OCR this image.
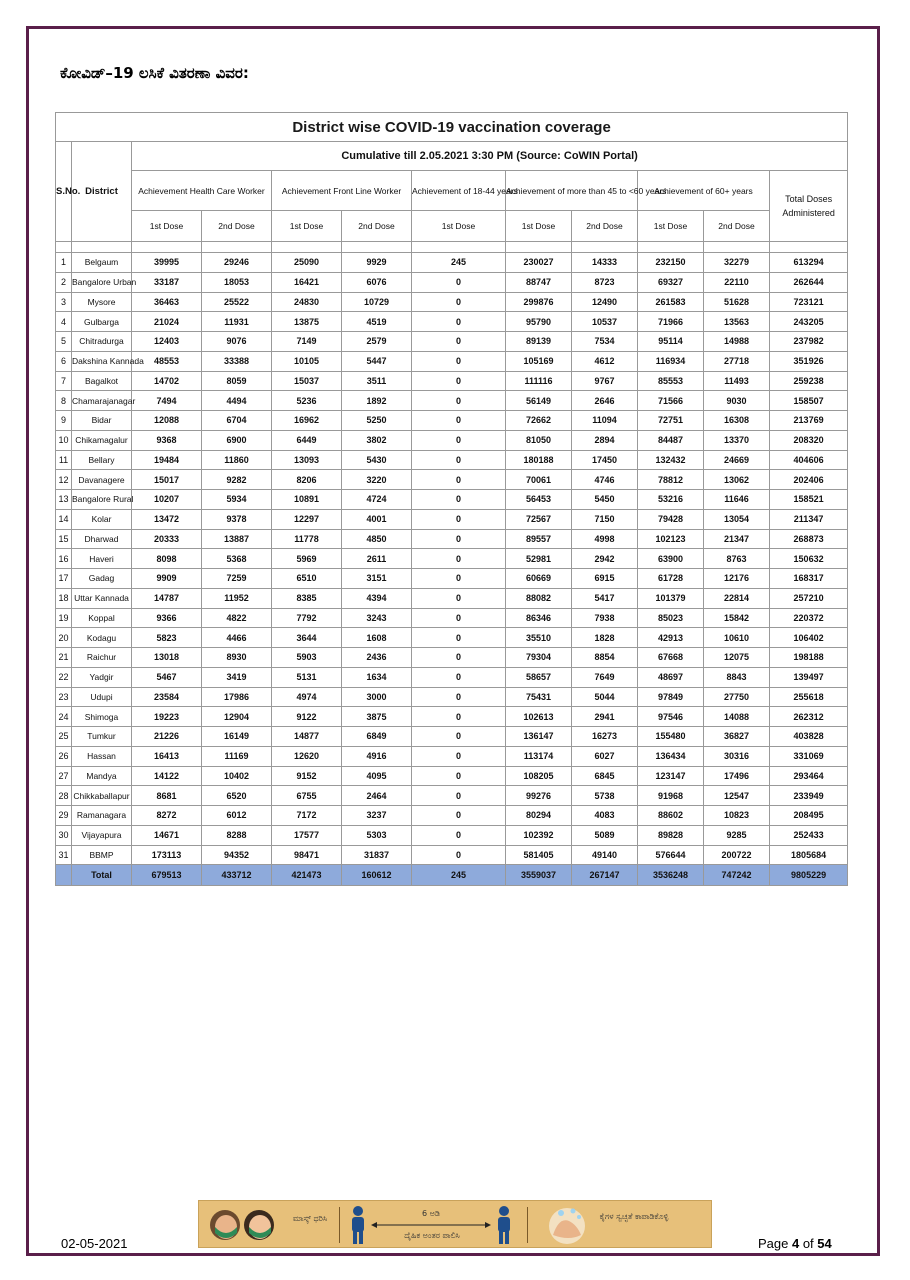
ಕೋವಿಡ್–19 ಲಸಿಕೆ ವಿತರಣಾ ವಿವರ:
District wise COVID-19 vaccination coverage											
S.No.	District	Cumulative till 2.05.2021 3:30 PM (Source: CoWIN Portal)									
		Achievement Health Care Worker		Achievement Front Line Worker		Achievement of 18-44 years	Achievement of more than 45 to <60 years		Achievement of 60+ years		Total Doses
Administered

		1st Dose	2nd Dose	1st Dose	2nd Dose	1st Dose	1st Dose	2nd Dose	1st Dose	2nd Dose	

1	Belgaum	39995	29246	25090	9929	245	230027	14333	232150	32279	613294
2	Bangalore Urban	33187	18053	16421	6076	0	88747	8723	69327	22110	262644
3	Mysore	36463	25522	24830	10729	0	299876	12490	261583	51628	723121
4	Gulbarga	21024	11931	13875	4519	0	95790	10537	71966	13563	243205
5	Chitradurga	12403	9076	7149	2579	0	89139	7534	95114	14988	237982
6	Dakshina Kannada	48553	33388	10105	5447	0	105169	4612	116934	27718	351926
7	Bagalkot	14702	8059	15037	3511	0	111116	9767	85553	11493	259238
8	Chamarajanagar	7494	4494	5236	1892	0	56149	2646	71566	9030	158507
9	Bidar	12088	6704	16962	5250	0	72662	11094	72751	16308	213769
10	Chikamagalur	9368	6900	6449	3802	0	81050	2894	84487	13370	208320
11	Bellary	19484	11860	13093	5430	0	180188	17450	132432	24669	404606
12	Davanagere	15017	9282	8206	3220	0	70061	4746	78812	13062	202406
13	Bangalore Rural	10207	5934	10891	4724	0	56453	5450	53216	11646	158521
14	Kolar	13472	9378	12297	4001	0	72567	7150	79428	13054	211347
15	Dharwad	20333	13887	11778	4850	0	89557	4998	102123	21347	268873
16	Haveri	8098	5368	5969	2611	0	52981	2942	63900	8763	150632
17	Gadag	9909	7259	6510	3151	0	60669	6915	61728	12176	168317
18	Uttar Kannada	14787	11952	8385	4394	0	88082	5417	101379	22814	257210
19	Koppal	9366	4822	7792	3243	0	86346	7938	85023	15842	220372
20	Kodagu	5823	4466	3644	1608	0	35510	1828	42913	10610	106402
21	Raichur	13018	8930	5903	2436	0	79304	8854	67668	12075	198188
22	Yadgir	5467	3419	5131	1634	0	58657	7649	48697	8843	139497
23	Udupi	23584	17986	4974	3000	0	75431	5044	97849	27750	255618
24	Shimoga	19223	12904	9122	3875	0	102613	2941	97546	14088	262312
25	Tumkur	21226	16149	14877	6849	0	136147	16273	155480	36827	403828
26	Hassan	16413	11169	12620	4916	0	113174	6027	136434	30316	331069
27	Mandya	14122	10402	9152	4095	0	108205	6845	123147	17496	293464
28	Chikkaballapur	8681	6520	6755	2464	0	99276	5738	91968	12547	233949
29	Ramanagara	8272	6012	7172	3237	0	80294	4083	88602	10823	208495
30	Vijayapura	14671	8288	17577	5303	0	102392	5089	89828	9285	252433
31	BBMP	173113	94352	98471	31837	0	581405	49140	576644	200722	1805684
	Total	679513	433712	421473	160612	245	3559037	267147	3536248	747242	9805229
ಮಾಸ್ಕ್ ಧರಿಸಿ
6 ಅಡಿ
ದೈಹಿಕ ಅಂತರ ಪಾಲಿಸಿ
ಕೈಗಳ ಸ್ವಚ್ಛತೆ ಕಾಪಾಡಿಕೊಳ್ಳಿ
02-05-2021	Page 4 of 54
